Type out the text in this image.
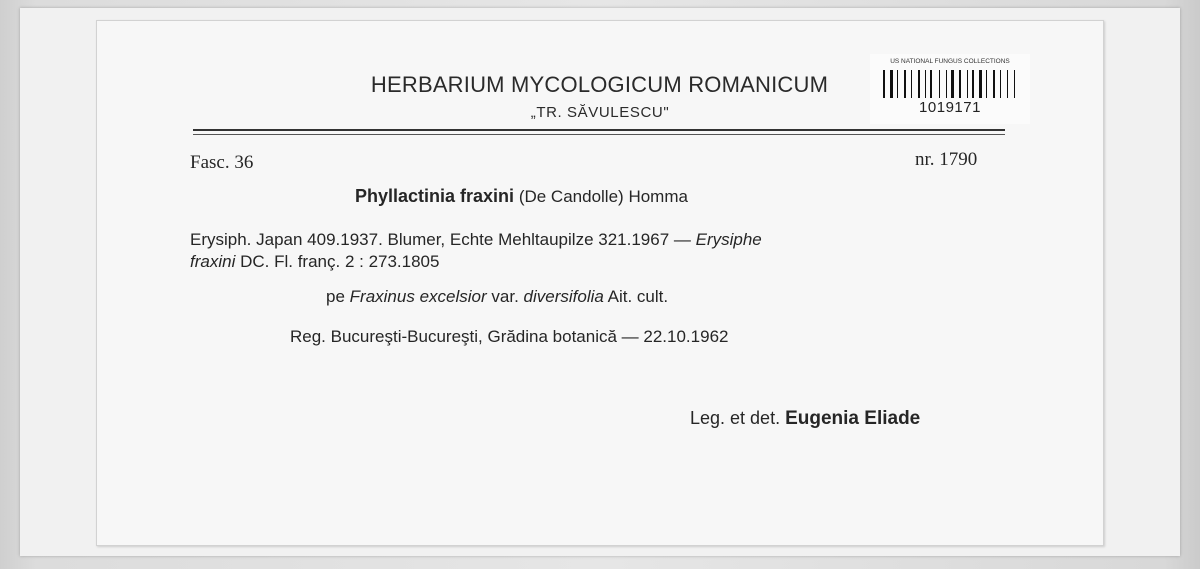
HERBARIUM MYCOLOGICUM ROMANICUM
„TR. SĂVULESCU"
US NATIONAL FUNGUS COLLECTIONS
1019171
Fasc. 36	nr. 1790
Phyllactinia fraxini (De Candolle) Homma
Erysiph. Japan 409.1937. Blumer, Echte Mehltaupilze 321.1967 — Erysiphe
fraxini DC. Fl. franç. 2 : 273.1805
pe Fraxinus excelsior var. diversifolia Ait. cult.
Reg. Bucureşti-Bucureşti, Grădina botanică — 22.10.1962
Leg. et det. Eugenia Eliade
